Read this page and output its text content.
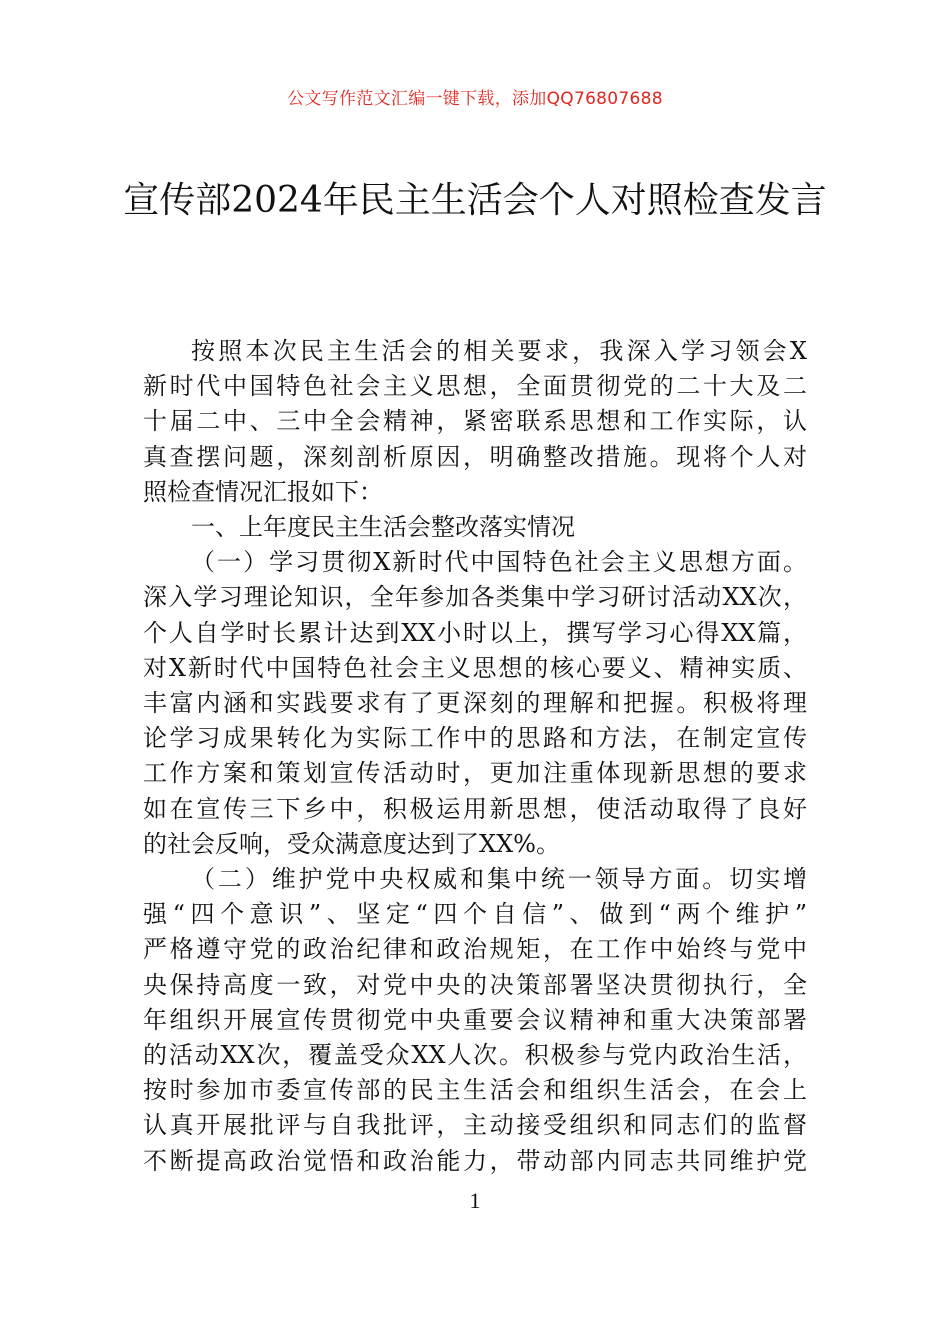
公文写作范文汇编一键下载，添加QQ76807688
宣传部2024年民主生活会个人对照检查发言

按照本次民主生活会的相关要求，我深入学习领会X
新时代中国特色社会主义思想，全面贯彻党的二十大及二
十届二中、三中全会精神，紧密联系思想和工作实际，认
真查摆问题，深刻剖析原因，明确整改措施。现将个人对
照检查情况汇报如下：

一、上年度民主生活会整改落实情况

（一）学习贯彻X新时代中国特色社会主义思想方面。
深入学习理论知识，全年参加各类集中学习研讨活动XX次，
个人自学时长累计达到XX小时以上，撰写学习心得XX篇，
对X新时代中国特色社会主义思想的核心要义、精神实质、
丰富内涵和实践要求有了更深刻的理解和把握。积极将理
论学习成果转化为实际工作中的思路和方法，在制定宣传
工作方案和策划宣传活动时，更加注重体现新思想的要求
如在宣传三下乡中，积极运用新思想，使活动取得了良好
的社会反响，受众满意度达到了XX%。

（二）维护党中央权威和集中统一领导方面。切实增
强“四个意识”、坚定“四个自信”、做到“两个维护”
严格遵守党的政治纪律和政治规矩，在工作中始终与党中
央保持高度一致，对党中央的决策部署坚决贯彻执行，全
年组织开展宣传贯彻党中央重要会议精神和重大决策部署
的活动XX次，覆盖受众XX人次。积极参与党内政治生活，
按时参加市委宣传部的民主生活会和组织生活会，在会上
认真开展批评与自我批评，主动接受组织和同志们的监督
不断提高政治觉悟和政治能力，带动部内同志共同维护党

1
